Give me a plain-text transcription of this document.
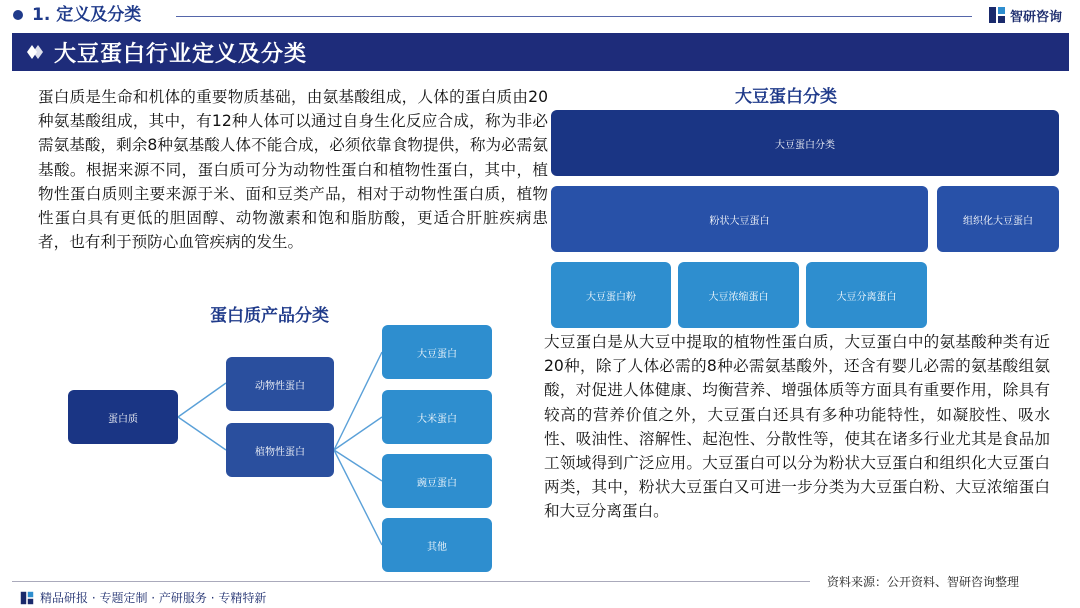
1. 定义及分类	智研咨询
大豆蛋白行业定义及分类
蛋白质是生命和机体的重要物质基础，由氨基酸组成，人体的蛋白质由20种氨基酸组成，其中，有12种人体可以通过自身生化反应合成，称为非必需氨基酸，剩余8种氨基酸人体不能合成，必须依靠食物提供，称为必需氨基酸。根据来源不同，蛋白质可分为动物性蛋白和植物性蛋白，其中，植物性蛋白质则主要来源于米、面和豆类产品，相对于动物性蛋白质，植物性蛋白具有更低的胆固醇、动物激素和饱和脂肪酸，更适合肝脏疾病患者，也有利于预防心血管疾病的发生。
蛋白质产品分类
蛋白质
动物性蛋白
植物性蛋白
大豆蛋白
大米蛋白
豌豆蛋白
其他
大豆蛋白分类
大豆蛋白分类
粉状大豆蛋白	组织化大豆蛋白
大豆蛋白粉	大豆浓缩蛋白	大豆分离蛋白
大豆蛋白是从大豆中提取的植物性蛋白质，大豆蛋白中的氨基酸种类有近20种，除了人体必需的8种必需氨基酸外，还含有婴儿必需的氨基酸组氨酸，对促进人体健康、均衡营养、增强体质等方面具有重要作用，除具有较高的营养价值之外，大豆蛋白还具有多种功能特性，如凝胶性、吸水性、吸油性、溶解性、起泡性、分散性等，使其在诸多行业尤其是食品加工领域得到广泛应用。大豆蛋白可以分为粉状大豆蛋白和组织化大豆蛋白两类，其中，粉状大豆蛋白又可进一步分类为大豆蛋白粉、大豆浓缩蛋白和大豆分离蛋白。
资料来源：公开资料、智研咨询整理
精品研报 · 专题定制 · 产研服务 · 专精特新
